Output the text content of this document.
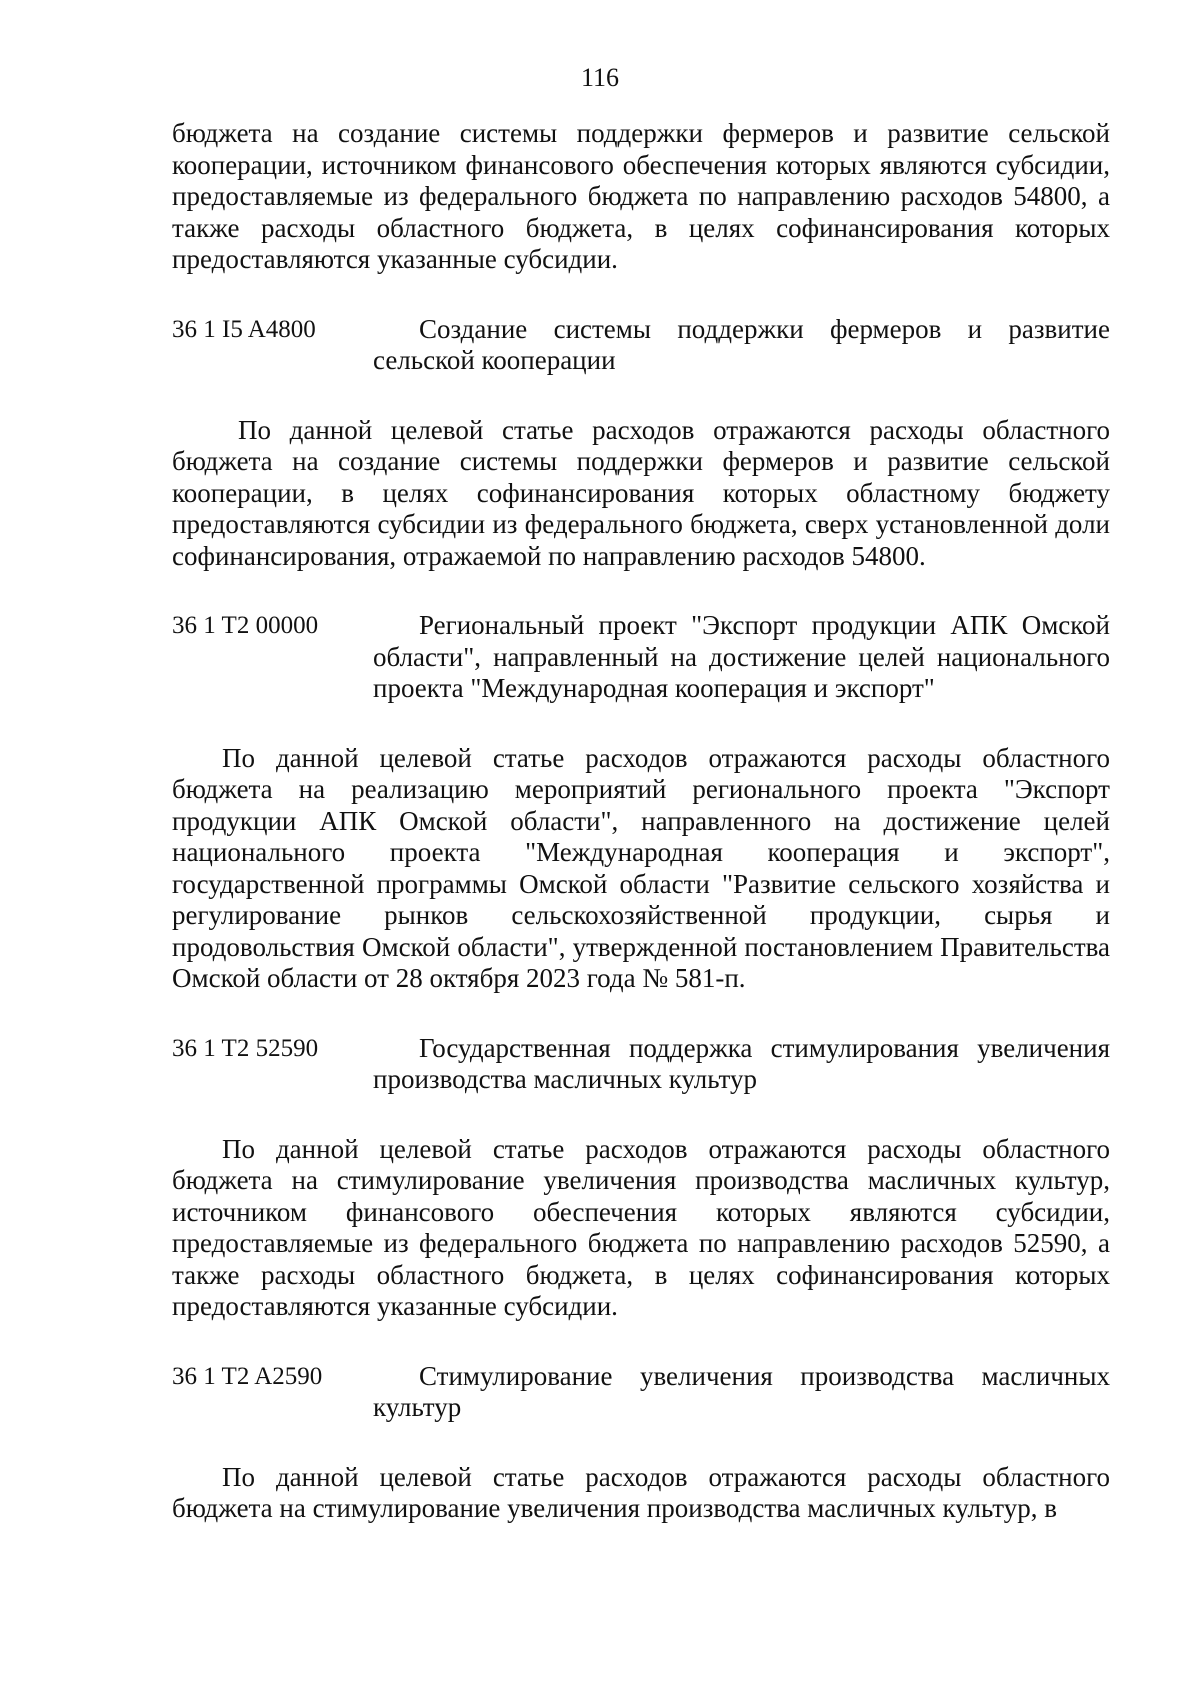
116

бюджета на создание системы поддержки фермеров и развитие сельской кооперации, источником финансового обеспечения которых являются субсидии, предоставляемые из федерального бюджета по направлению расходов 54800, а также расходы областного бюджета, в целях софинансирования которых предоставляются указанные субсидии.

36 1 I5 A4800	Создание системы поддержки фермеров и развитие сельской кооперации

По данной целевой статье расходов отражаются расходы областного бюджета на создание системы поддержки фермеров и развитие сельской кооперации, в целях софинансирования которых областному бюджету предоставляются субсидии из федерального бюджета, сверх установленной доли софинансирования, отражаемой по направлению расходов 54800.

36 1 T2 00000	Региональный проект "Экспорт продукции АПК Омской области", направленный на достижение целей национального проекта "Международная кооперация и экспорт"

По данной целевой статье расходов отражаются расходы областного бюджета на реализацию мероприятий регионального проекта "Экспорт продукции АПК Омской области", направленного на достижение целей национального проекта "Международная кооперация и экспорт", государственной программы Омской области "Развитие сельского хозяйства и регулирование рынков сельскохозяйственной продукции, сырья и продовольствия Омской области", утвержденной постановлением Правительства Омской области от 28 октября 2023 года № 581-п.

36 1 T2 52590	Государственная поддержка стимулирования увеличения производства масличных культур

По данной целевой статье расходов отражаются расходы областного бюджета на стимулирование увеличения производства масличных культур, источником финансового обеспечения которых являются субсидии, предоставляемые из федерального бюджета по направлению расходов 52590, а также расходы областного бюджета, в целях софинансирования которых предоставляются указанные субсидии.

36 1 T2 A2590	Стимулирование увеличения производства масличных культур

По данной целевой статье расходов отражаются расходы областного бюджета на стимулирование увеличения производства масличных культур, в
